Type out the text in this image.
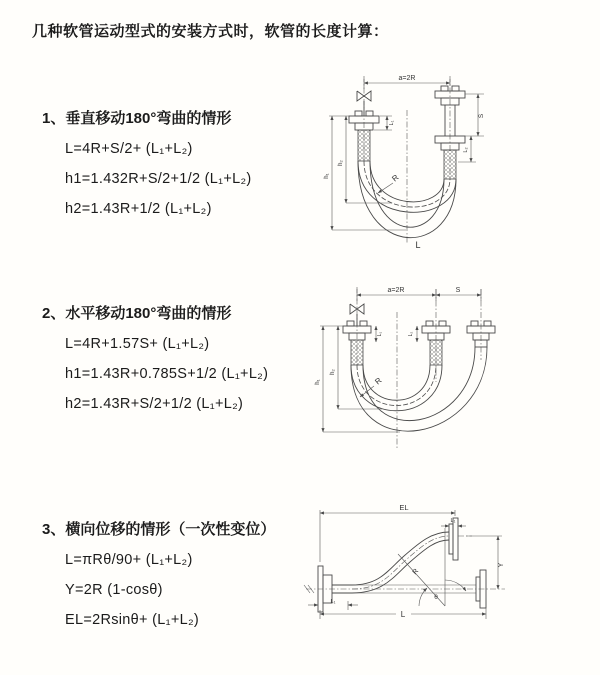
几种软管运动型式的安装方式时，软管的长度计算：
1、垂直移动180°弯曲的情形
L=4R+S/2+ (L₁+L₂)
h1=1.432R+S/2+1/2 (L₁+L₂)
h2=1.43R+1/2 (L₁+L₂)
2、水平移动180°弯曲的情形
L=4R+1.57S+ (L₁+L₂)
h1=1.43R+0.785S+1/2 (L₁+L₂)
h2=1.43R+S/2+1/2 (L₁+L₂)
3、横向位移的情形（一次性变位）
L=πRθ/90+ (L₁+L₂)
Y=2R (1-cosθ)
EL=2Rsinθ+ (L₁+L₂)
a=2R
L₁
S
L₂
h₁
h₂
R
L
a=2R	S
L₁	L₂
h₁
h₂
R
EL
L₁
Y
R
θ
L
L₁
